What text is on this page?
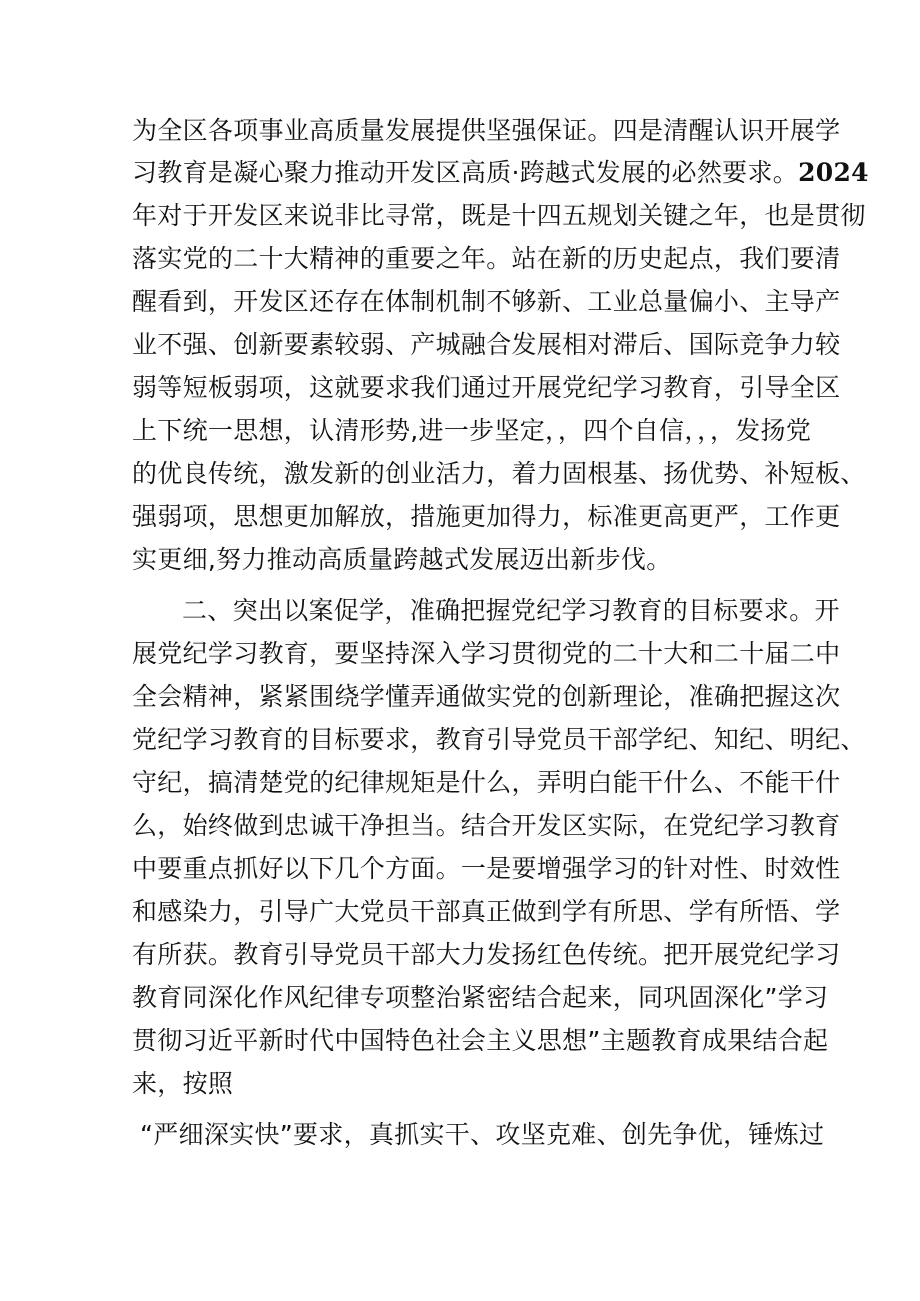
为全区各项事业高质量发展提供坚强保证。四是清醒认识开展学
习教育是凝心聚力推动开发区高质·跨越式发展的必然要求。2024
年对于开发区来说非比寻常，既是十四五规划关键之年，也是贯彻
落实党的二十大精神的重要之年。站在新的历史起点，我们要清
醒看到，开发区还存在体制机制不够新、工业总量偏小、主导产
业不强、创新要素较弱、产城融合发展相对滞后、国际竞争力较
弱等短板弱项，这就要求我们通过开展党纪学习教育，引导全区
上下统一思想，认清形势,进一步坚定，，四个自信，，，发扬党
的优良传统，激发新的创业活力，着力固根基、扬优势、补短板、
强弱项，思想更加解放，措施更加得力，标准更高更严，工作更
实更细,努力推动高质量跨越式发展迈出新步伐。
二、突出以案促学，准确把握党纪学习教育的目标要求。开
展党纪学习教育，要坚持深入学习贯彻党的二十大和二十届二中
全会精神，紧紧围绕学懂弄通做实党的创新理论，准确把握这次
党纪学习教育的目标要求，教育引导党员干部学纪、知纪、明纪、
守纪，搞清楚党的纪律规矩是什么，弄明白能干什么、不能干什
么，始终做到忠诚干净担当。结合开发区实际，在党纪学习教育
中要重点抓好以下几个方面。一是要增强学习的针对性、时效性
和感染力，引导广大党员干部真正做到学有所思、学有所悟、学
有所获。教育引导党员干部大力发扬红色传统。把开展党纪学习
教育同深化作风纪律专项整治紧密结合起来，同巩固深化”学习
贯彻习近平新时代中国特色社会主义思想”主题教育成果结合起
来，按照
“严细深实快”要求，真抓实干、攻坚克难、创先争优，锤炼过
